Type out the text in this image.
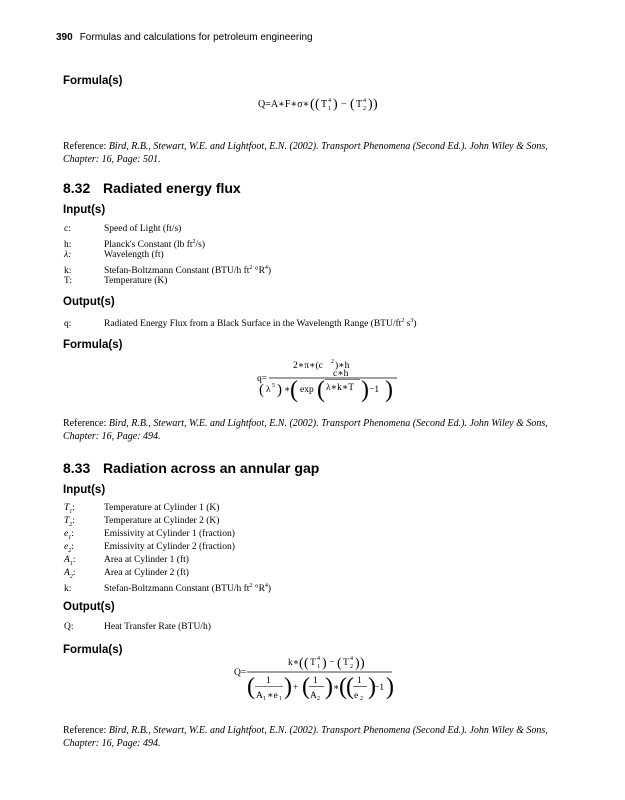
390 Formulas and calculations for petroleum engineering
Formula(s)
Q=A∗F∗σ∗ ( ( T 4
1 ) − ( T 4
2 ) )
q=
2∗π∗(c 2 )∗h
( λ 5 ) ∗ ( exp (
c∗h
λ∗k∗T ) −1 )
Q=
k∗ ( ( T 4
1 ) − ( T 4
2 ) )
( 1
A 1 ∗e 1 ) + ( 1
A 2 ) ∗ ( ( 1
e 2 )
−1 )
Reference: Bird, R.B., Stewart, W.E. and Lightfoot, E.N. (2002). Transport Phenomena (Second Ed.). John Wiley & Sons, Chapter: 16, Page: 501.
8.32 Radiated energy flux
Input(s)
c:	Speed of Light (ft/s)
h:	Planck's Constant (lb $ft^2/s$)
λ:	Wavelength (ft)
k:	Stefan-Boltzmann Constant (BTU/h $ft^2$ $^\circ R^4$)
T:	Temperature (K)
Output(s)
q:	Radiated Energy Flux from a Black Surface in the Wavelength Range ($BTU/ft^2$ $s^3$)
Formula(s)
Reference: Bird, R.B., Stewart, W.E. and Lightfoot, E.N. (2002). Transport Phenomena (Second Ed.). John Wiley & Sons, Chapter: 16, Page: 494.
8.33 Radiation across an annular gap
Input(s)
$T_1$:	Temperature at Cylinder 1 (K)
$T_2$:	Temperature at Cylinder 2 (K)
$e_1$:	Emissivity at Cylinder 1 (fraction)
$e_2$:	Emissivity at Cylinder 2 (fraction)
$A_1$:	Area at Cylinder 1 (ft)
$A_2$:	Area at Cylinder 2 (ft)
k:	Stefan-Boltzmann Constant (BTU/h $ft^2$ $^\circ R^4$)
Output(s)
Q:	Heat Transfer Rate (BTU/h)
Formula(s)
Reference: Bird, R.B., Stewart, W.E. and Lightfoot, E.N. (2002). Transport Phenomena (Second Ed.). John Wiley & Sons, Chapter: 16, Page: 494.
